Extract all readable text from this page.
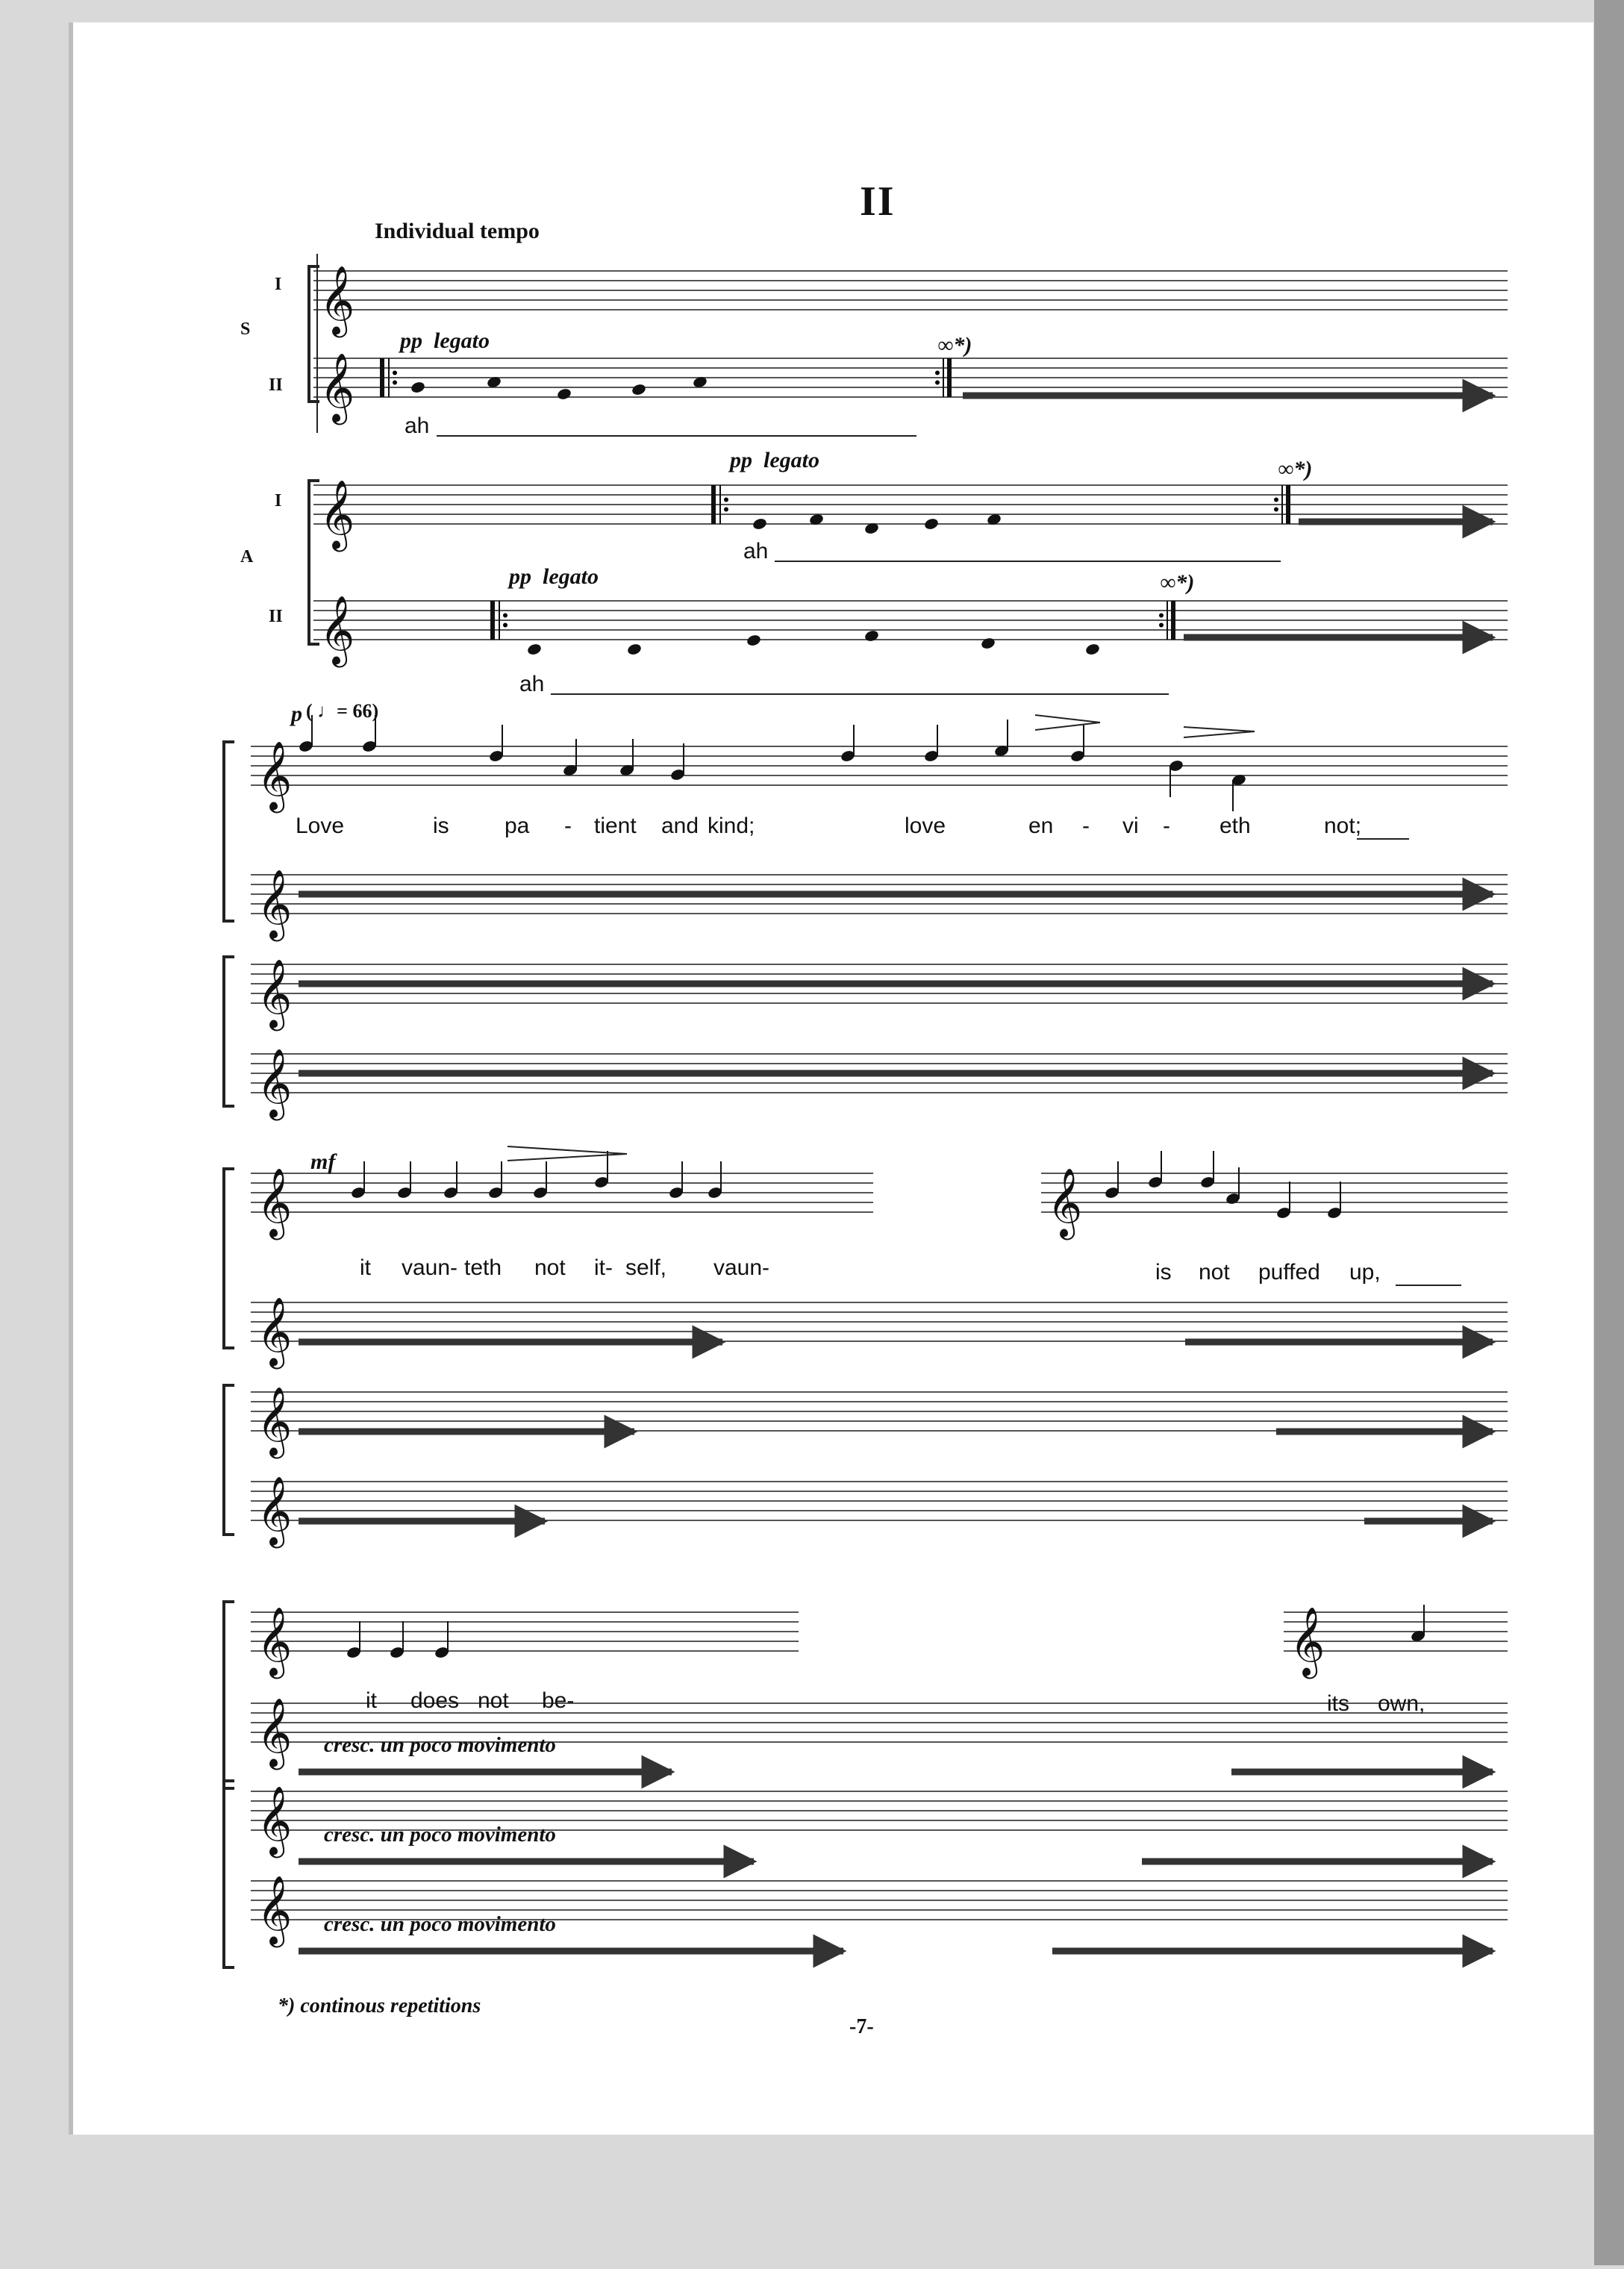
𝄞
𝄞
𝄞
𝄞
𝄞
𝄞
𝄞
𝄞
𝄞	𝄞
𝄞
𝄞
𝄞
𝄞	𝄞
𝄞
𝄞
𝄞
II
Individual tempo
I
S
II
I
A
II
pp legato
pp legato
pp legato
∞*)
∞*)
∞*)
ah
ah
ah
p ( ♩= 66)
Love	is pa - tient and kind;	love	en - vi - eth	not;
mf
it vaun- teth not it- self, vaun-	is not puffed up,
it does not be-	its own,
cresc. un poco movimento
cresc. un poco movimento
cresc. un poco movimento
*) continous repetitions
-7-
